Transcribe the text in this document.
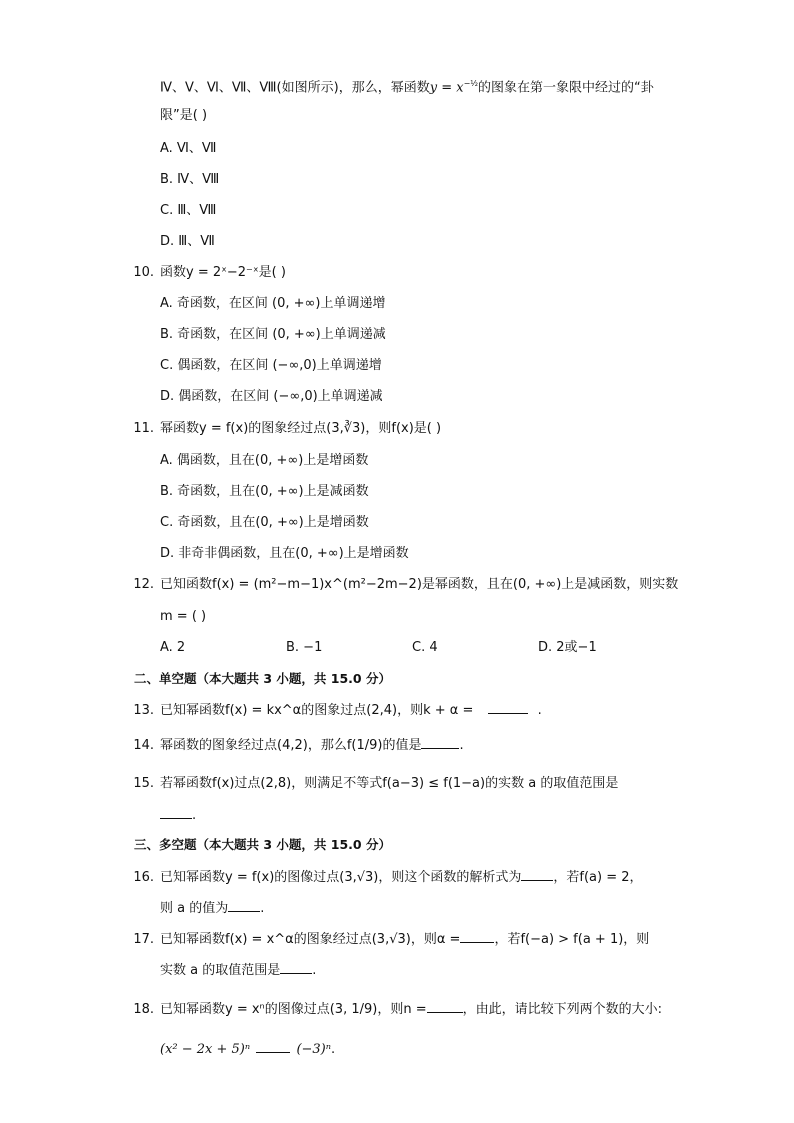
Ⅳ、Ⅴ、Ⅵ、Ⅶ、Ⅷ(如图所示)，那么，幂函数$y = x^{-\frac{1}{2}}$的图象在第一象限中经过的“卦
限”是( )
A. Ⅵ、Ⅶ
B. Ⅳ、Ⅷ
C. Ⅲ、Ⅷ
D. Ⅲ、Ⅶ
10. 函数y = 2ˣ−2⁻ˣ是( )
A. 奇函数，在区间 (0, +∞)上单调递增
B. 奇函数，在区间 (0, +∞)上单调递减
C. 偶函数，在区间 (−∞,0)上单调递增
D. 偶函数，在区间 (−∞,0)上单调递减
11. 幂函数y = f(x)的图象经过点(3,∛3)，则f(x)是( )
A. 偶函数，且在(0, +∞)上是增函数
B. 奇函数，且在(0, +∞)上是减函数
C. 奇函数，且在(0, +∞)上是增函数
D. 非奇非偶函数，且在(0, +∞)上是增函数
12. 已知函数f(x) = (m²−m−1)x^(m²−2m−2)是幂函数，且在(0, +∞)上是减函数，则实数
m = ( )
A. 2	B. −1	C. 4	D. 2或−1
二、单空题（本大题共 3 小题，共 15.0 分）
13. 已知幂函数f(x) = kx^α的图象过点(2,4)，则k + α =	.
14. 幂函数的图象经过点(4,2)，那么f(1/9)的值是	.
15. 若幂函数f(x)过点(2,8)，则满足不等式f(a−3) ≤ f(1−a)的实数 a 的取值范围是
.
三、多空题（本大题共 3 小题，共 15.0 分）
16. 已知幂函数y = f(x)的图像过点(3,√3)，则这个函数的解析式为 ，若f(a) = 2，
则 a 的值为 .
17. 已知幂函数f(x) = x^α的图象经过点(3,√3)，则α =	，若f(−a) > f(a + 1)，则
实数 a 的取值范围是 .
18. 已知幂函数y = xⁿ的图像过点(3, 1/9)，则n =	，由此，请比较下列两个数的大小:
(x² − 2x + 5)ⁿ	(−3)ⁿ.
